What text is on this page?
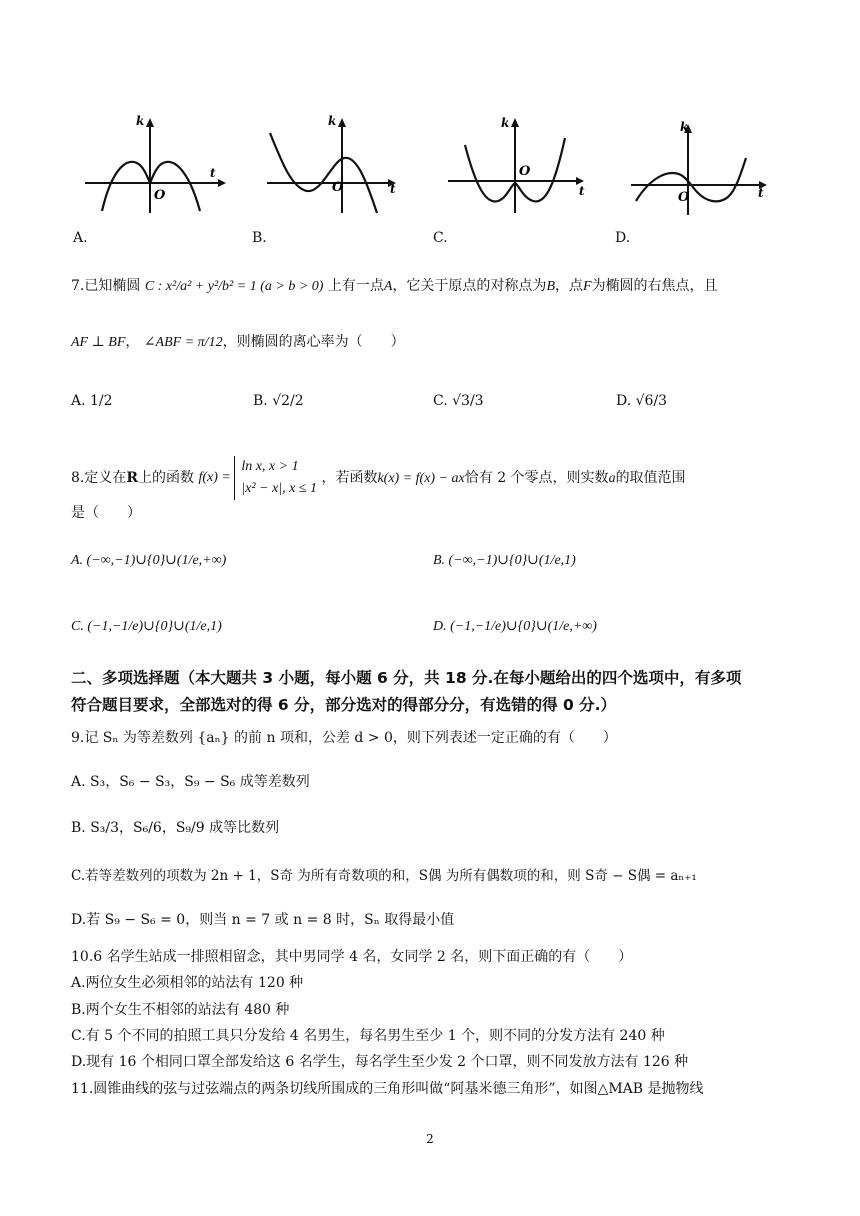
k
O
t
k
O	t
k
O
t
k
O	t
A.	B.	C.	D.
7.已知椭圆 C : x²/a² + y²/b² = 1 (a > b > 0) 上有一点A，它关于原点的对称点为B，点F为椭圆的右焦点，且
AF ⊥ BF， ∠ABF = π/12，则椭圆的离心率为（　　）
A. 1/2	B. √2/2	C. √3/3	D. √6/3
8.定义在R上的函数 f(x) =
ln x, x > 1
|x² − x|, x ≤ 1
，若函数k(x) = f(x) − ax恰有 2 个零点，则实数a的取值范围
是（　　）
A. (−∞,−1)∪{0}∪(1/e,+∞)	B. (−∞,−1)∪{0}∪(1/e,1)
C. (−1,−1/e)∪{0}∪(1/e,1)	D. (−1,−1/e)∪{0}∪(1/e,+∞)
二、多项选择题（本大题共 3 小题，每小题 6 分，共 18 分.在每小题给出的四个选项中，有多项
符合题目要求，全部选对的得 6 分，部分选对的得部分分，有选错的得 0 分.）
9.记 Sₙ 为等差数列 {aₙ} 的前 n 项和，公差 d > 0，则下列表述一定正确的有（　　）
A. S₃，S₆ − S₃，S₉ − S₆ 成等差数列
B. S₃/3，S₆/6，S₉/9 成等比数列
C.若等差数列的项数为 2n + 1，S奇 为所有奇数项的和，S偶 为所有偶数项的和，则 S奇 − S偶 = aₙ₊₁
D.若 S₉ − S₆ = 0，则当 n = 7 或 n = 8 时，Sₙ 取得最小值
10.6 名学生站成一排照相留念，其中男同学 4 名，女同学 2 名，则下面正确的有（　　）
A.两位女生必须相邻的站法有 120 种
B.两个女生不相邻的站法有 480 种
C.有 5 个不同的拍照工具只分发给 4 名男生，每名男生至少 1 个，则不同的分发方法有 240 种
D.现有 16 个相同口罩全部发给这 6 名学生，每名学生至少发 2 个口罩，则不同发放方法有 126 种
11.圆锥曲线的弦与过弦端点的两条切线所围成的三角形叫做“阿基米德三角形”，如图△MAB 是抛物线
2
